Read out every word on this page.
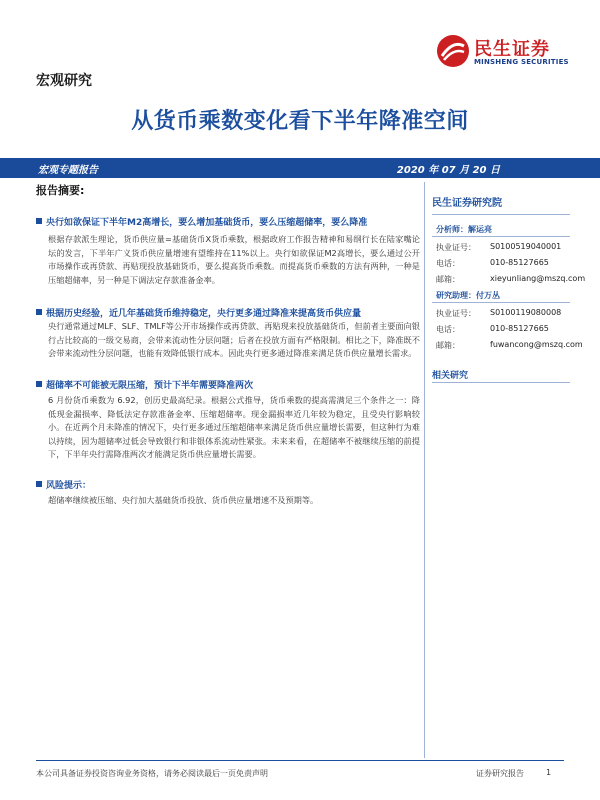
民生证券
MINSHENG SECURITIES
宏观研究
从货币乘数变化看下半年降准空间
宏观专题报告	2020 年 07 月 20 日
报告摘要:
央行如欲保证下半年M2高增长，要么增加基础货币，要么压缩超储率，要么降准
根据存款派生理论，货币供应量=基础货币X货币乘数，根据政府工作报告精神和易纲行长在陆家嘴论坛的发言，下半年广义货币供应量增速有望维持在11%以上。央行如欲保证M2高增长，要么通过公开市场操作或再贷款、再贴现投放基础货币，要么提高货币乘数。而提高货币乘数的方法有两种，一种是压缩超储率，另一种是下调法定存款准备金率。
根据历史经验，近几年基础货币维持稳定，央行更多通过降准来提高货币供应量
央行通常通过MLF、SLF、TMLF等公开市场操作或再贷款、再贴现来投放基础货币，但前者主要面向银行占比较高的一级交易商，会带来流动性分层问题；后者在投放方面有严格限制。相比之下，降准既不会带来流动性分层问题，也能有效降低银行成本。因此央行更多通过降准来满足货币供应量增长需求。
超储率不可能被无限压缩，预计下半年需要降准两次
6 月份货币乘数为 6.92，创历史最高纪录。根据公式推导，货币乘数的提高需满足三个条件之一：降低现金漏损率、降低法定存款准备金率、压缩超储率。现金漏损率近几年较为稳定，且受央行影响较小。在近两个月未降准的情况下，央行更多通过压缩超储率来满足货币供应量增长需要，但这种行为难以持续，因为超储率过低会导致银行和非银体系流动性紧张。未来来看，在超储率不被继续压缩的前提下，下半年央行需降准两次才能满足货币供应量增长需要。
风险提示：
超储率继续被压缩、央行加大基础货币投放、货币供应量增速不及预期等。
民生证券研究院
分析师：解运亮
执业证号： S0100519040001
电话：	010-85127665
邮箱：	xieyunliang@mszq.com
研究助理：付万丛
执业证号： S0100119080008
电话：	010-85127665
邮箱：	fuwancong@mszq.com
相关研究
本公司具备证券投资咨询业务资格，请务必阅读最后一页免责声明	证券研究报告	1
